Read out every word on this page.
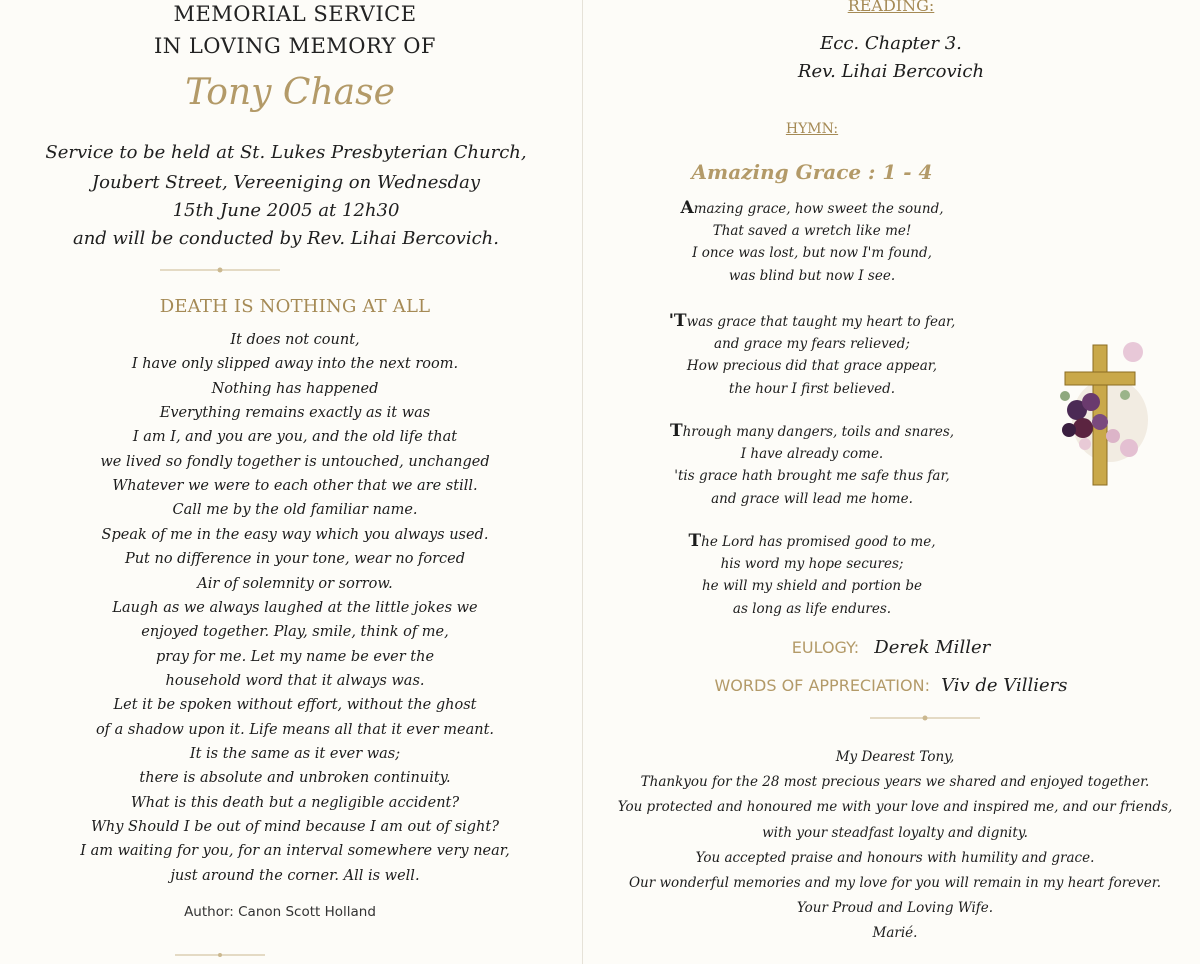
MEMORIAL SERVICE
IN LOVING MEMORY OF
Tony Chase
Service to be held at St. Lukes Presbyterian Church,
Joubert Street, Vereeniging on Wednesday
15th June 2005 at 12h30
and will be conducted by Rev. Lihai Bercovich.
DEATH IS NOTHING AT ALL
It does not count,
I have only slipped away into the next room.
Nothing has happened
Everything remains exactly as it was
I am I, and you are you, and the old life that
we lived so fondly together is untouched, unchanged
Whatever we were to each other that we are still.
Call me by the old familiar name.
Speak of me in the easy way which you always used.
Put no difference in your tone, wear no forced
Air of solemnity or sorrow.
Laugh as we always laughed at the little jokes we
enjoyed together. Play, smile, think of me,
pray for me. Let my name be ever the
household word that it always was.
Let it be spoken without effort, without the ghost
of a shadow upon it. Life means all that it ever meant.
It is the same as it ever was;
there is absolute and unbroken continuity.
What is this death but a negligible accident?
Why Should I be out of mind because I am out of sight?
I am waiting for you, for an interval somewhere very near,
just around the corner. All is well.
Author: Canon Scott Holland
READING:
Ecc. Chapter 3.
Rev. Lihai Bercovich
HYMN:
Amazing Grace : 1 - 4
Amazing grace, how sweet the sound,
That saved a wretch like me!
I once was lost, but now I'm found,
was blind but now I see.
'Twas grace that taught my heart to fear,
and grace my fears relieved;
How precious did that grace appear,
the hour I first believed.
Through many dangers, toils and snares,
I have already come.
'tis grace hath brought me safe thus far,
and grace will lead me home.
The Lord has promised good to me,
his word my hope secures;
he will my shield and portion be
as long as life endures.
EULOGY: Derek Miller
WORDS OF APPRECIATION: Viv de Villiers
My Dearest Tony,
Thankyou for the 28 most precious years we shared and enjoyed together.
You protected and honoured me with your love and inspired me, and our friends,
with your steadfast loyalty and dignity.
You accepted praise and honours with humility and grace.
Our wonderful memories and my love for you will remain in my heart forever.
Your Proud and Loving Wife.
Marié.
